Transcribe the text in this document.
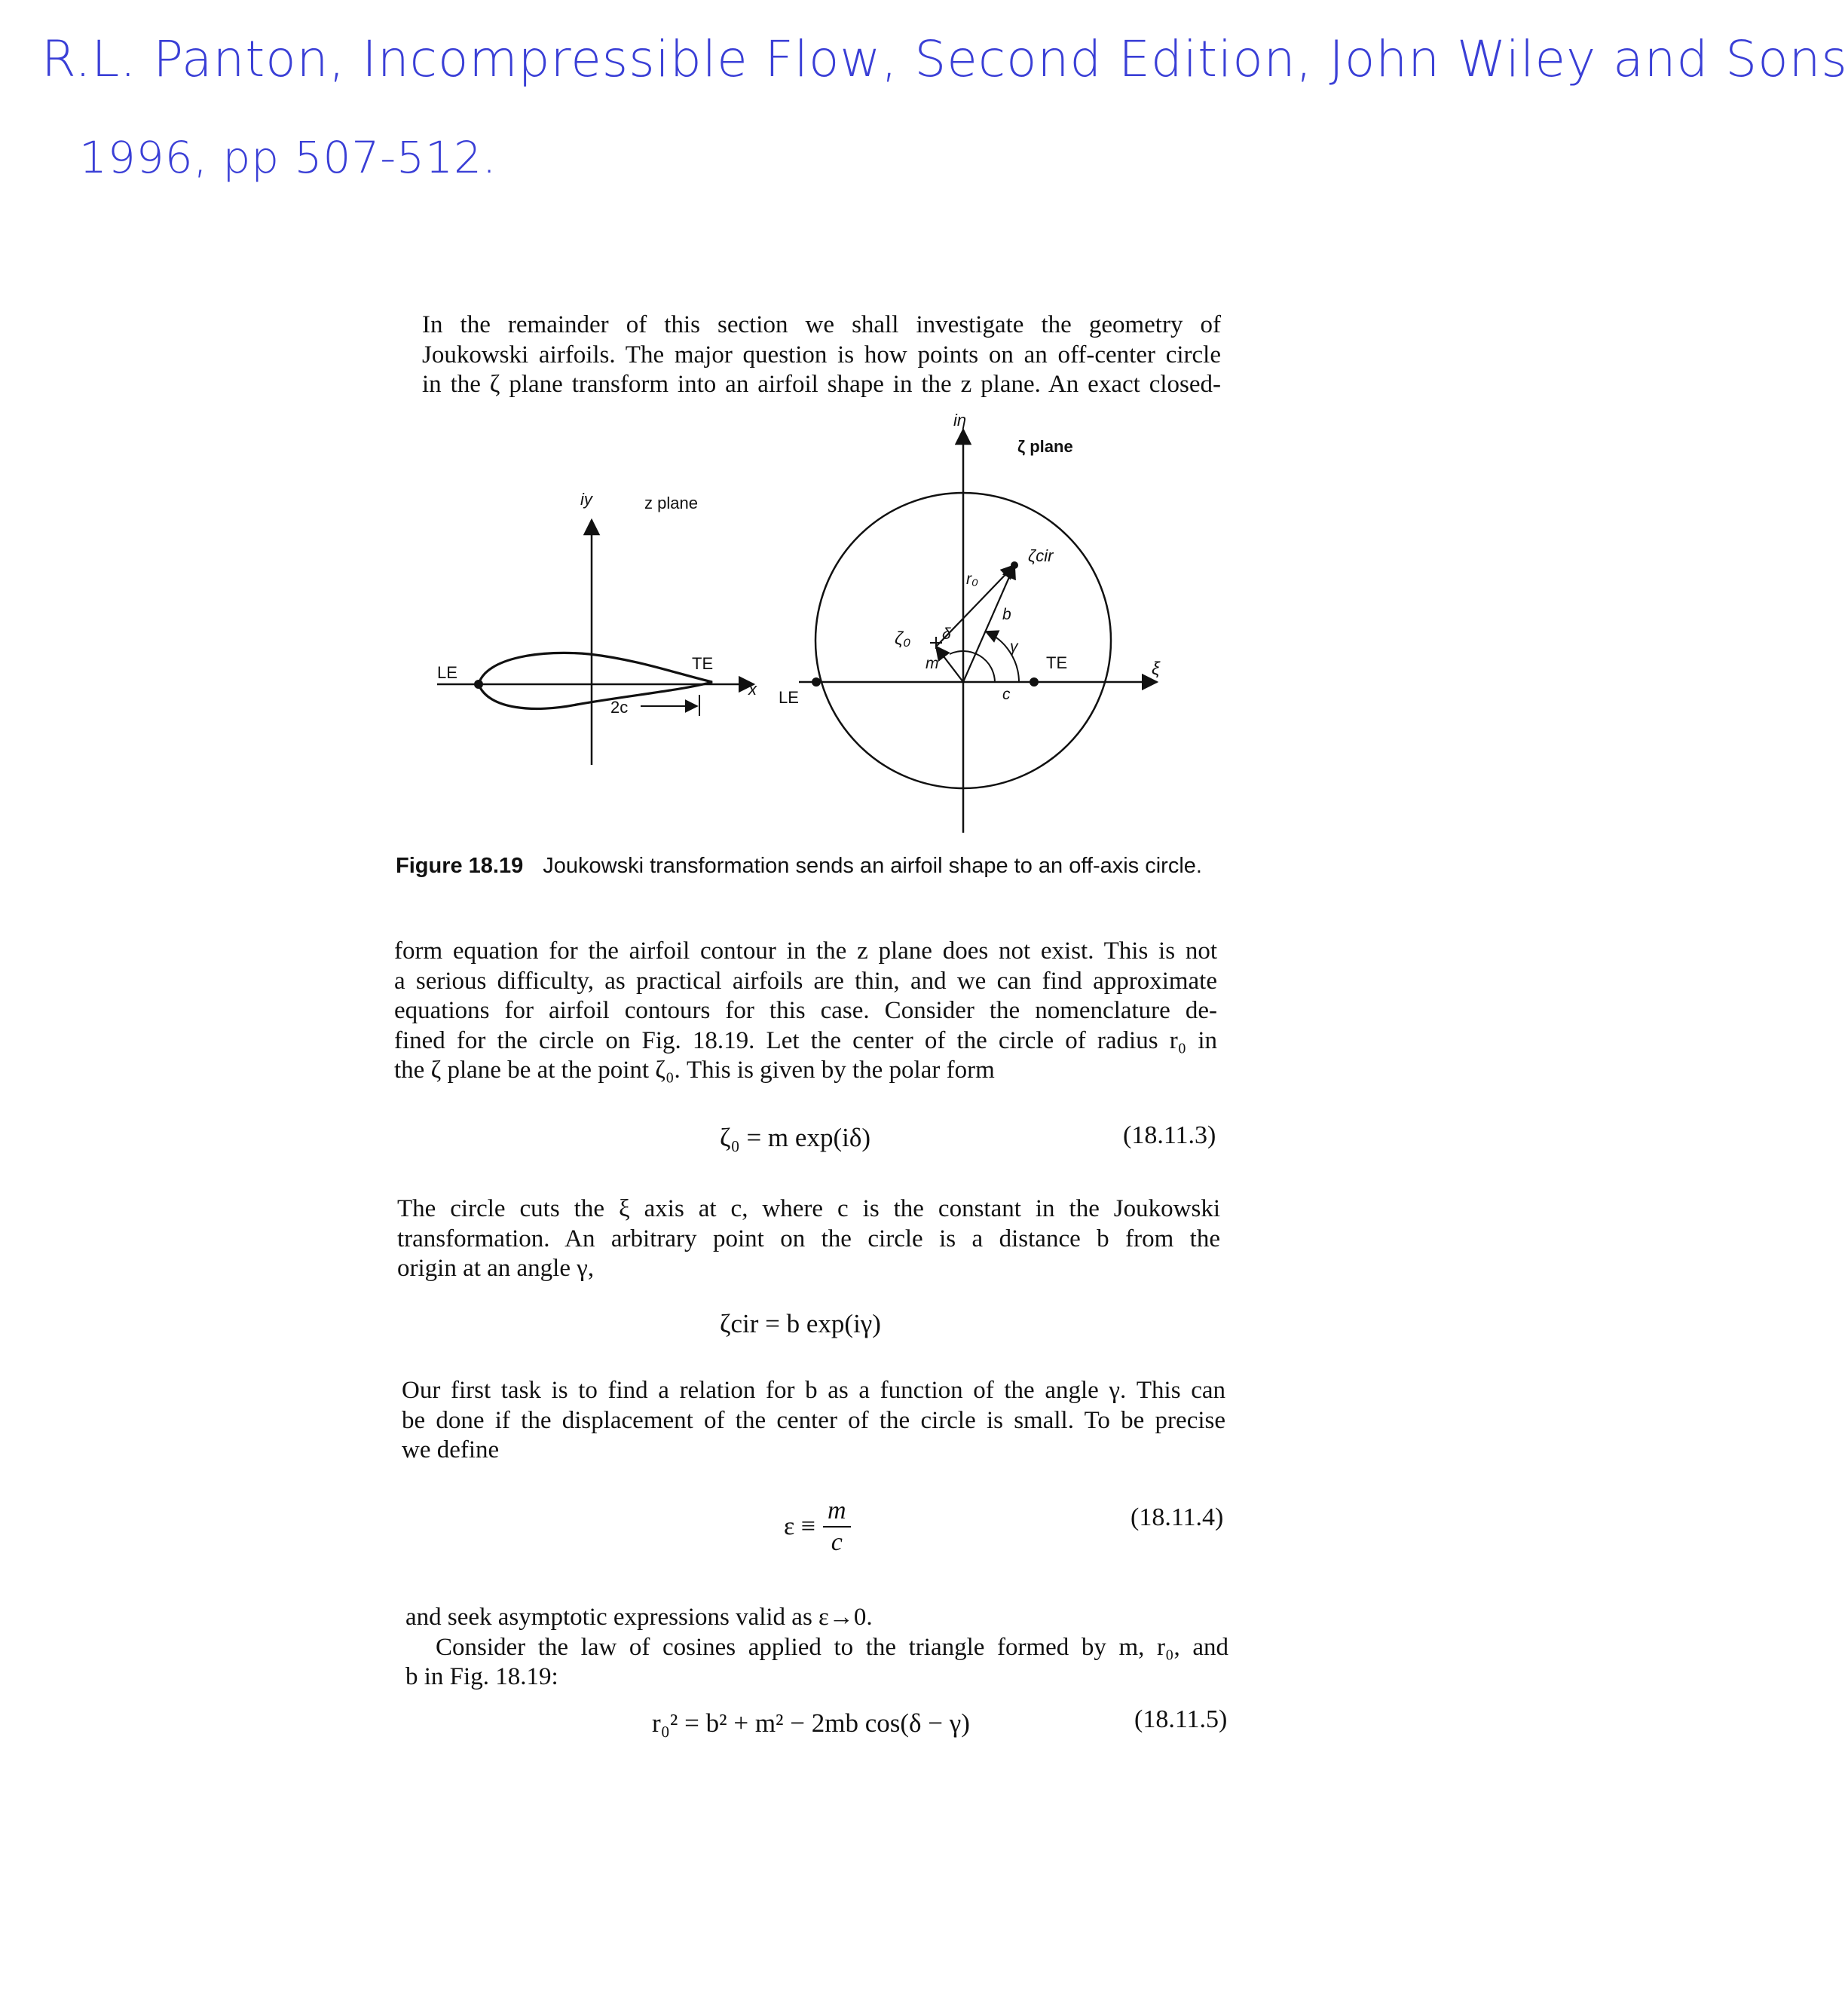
R.L. Panton, Incompressible Flow, Second Edition, John Wiley and Sons
1996, pp 507-512.
In the remainder of this section we shall investigate the geometry of
Joukowski airfoils. The major question is how points on an off-center circle
in the ζ plane transform into an airfoil shape in the z plane. An exact closed-
z plane
iy
x
LE	TE
2c
ζ plane
iη
ξ
LE
TE
ζ₀
ζcir
r₀
b
m
δ
γ
c
Figure 18.19 Joukowski transformation sends an airfoil shape to an off-axis circle.
form equation for the airfoil contour in the z plane does not exist. This is not
a serious difficulty, as practical airfoils are thin, and we can find approximate
equations for airfoil contours for this case. Consider the nomenclature de-
fined for the circle on Fig. 18.19. Let the center of the circle of radius r₀ in
the ζ plane be at the point ζ₀. This is given by the polar form
ζ₀ = m exp(iδ)	(18.11.3)
The circle cuts the ξ axis at c, where c is the constant in the Joukowski
transformation. An arbitrary point on the circle is a distance b from the
origin at an angle γ,
ζcir = b exp(iγ)
Our first task is to find a relation for b as a function of the angle γ. This can
be done if the displacement of the center of the circle is small. To be precise
we define
$\varepsilon \equiv \frac{m}{c}$	(18.11.4)
and seek asymptotic expressions valid as ε→0.
Consider the law of cosines applied to the triangle formed by m, r₀, and
b in Fig. 18.19:
r₀² = b² + m² − 2mb cos(δ − γ)	(18.11.5)
